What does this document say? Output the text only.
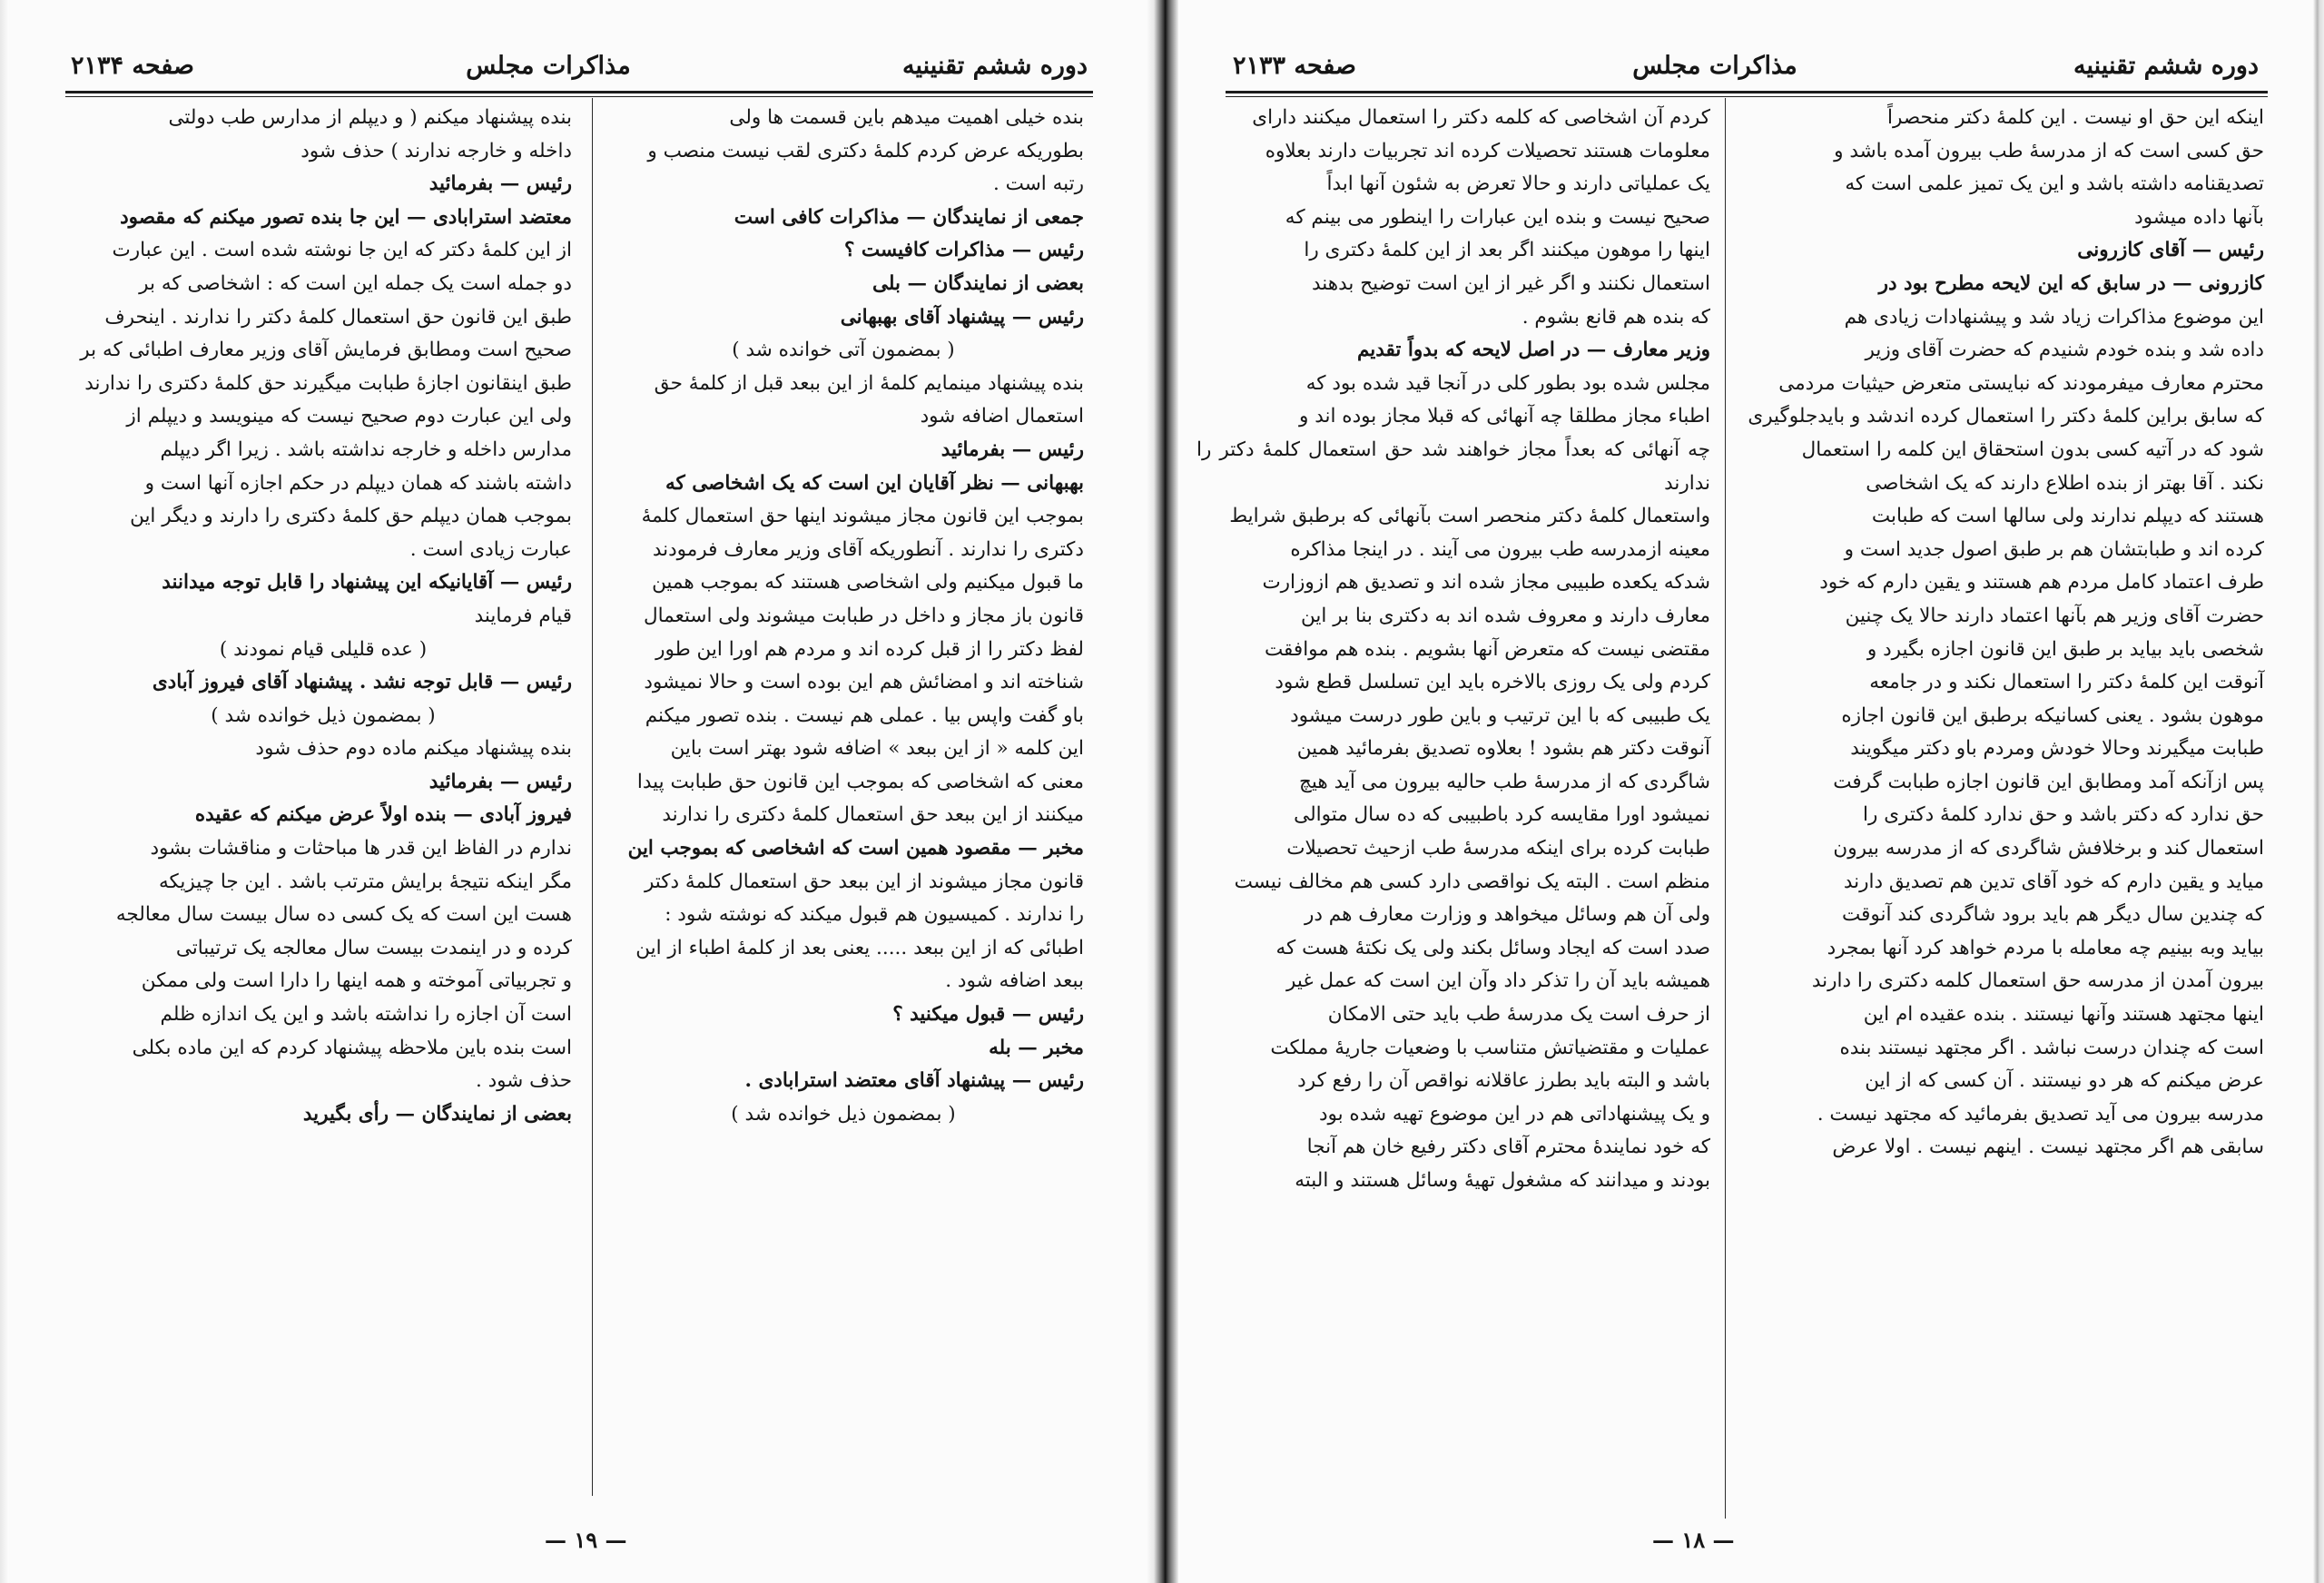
دوره ششم تقنینیه
مذاکرات مجلس
صفحه ۲۱۳۴

بنده خیلی اهمیت میدهم باین قسمت ها ولی

بطوریکه عرض کردم کلمهٔ دکتری لقب نیست منصب و

رتبه است .

جمعی از نمایندگان — مذاکرات کافی است

رئیس — مذاکرات کافیست ؟

بعضی از نمایندگان — بلی

رئیس — پیشنهاد آقای بهبهانی

( بمضمون آتی خوانده شد )

بنده پیشنهاد مینمایم کلمهٔ از این ببعد قبل از کلمهٔ حق

استعمال اضافه شود

رئیس — بفرمائید

بهبهانی — نظر آقایان این است که یک اشخاصی که

بموجب این قانون مجاز میشوند اینها حق استعمال کلمهٔ

دکتری را ندارند . آنطوریکه آقای وزیر معارف فرمودند

ما قبول میکنیم ولی اشخاصی هستند که بموجب همین

قانون باز مجاز و داخل در طبابت میشوند ولی استعمال

لفظ دکتر را از قبل کرده اند و مردم هم اورا این طور

شناخته اند و امضائش هم این بوده است و حالا نمیشود

باو گفت واپس بیا . عملی هم نیست . بنده تصور میکنم

این کلمه « از این ببعد » اضافه شود بهتر است باین

معنی که اشخاصی که بموجب این قانون حق طبابت پیدا

میکنند از این ببعد حق استعمال کلمهٔ دکتری را ندارند

مخبر — مقصود همین است که اشخاصی که بموجب این

قانون مجاز میشوند از این ببعد حق استعمال کلمهٔ دکتر

را ندارند . کمیسیون هم قبول میکند که نوشته شود :

اطبائی که از این ببعد ..... یعنی بعد از کلمهٔ اطباء از این

ببعد اضافه شود .

رئیس — قبول میکنید ؟

مخبر — بله

رئیس — پیشنهاد آقای معتضد استرابادی .

( بمضمون ذیل خوانده شد )

بنده پیشنهاد میکنم ( و دیپلم از مدارس طب دولتی

داخله و خارجه ندارند ) حذف شود

رئیس — بفرمائید

معتضد استرابادی — این جا بنده تصور میکنم که مقصود

از این کلمهٔ دکتر که این جا نوشته شده است . این عبارت

دو جمله است یک جمله این است که : اشخاصی که بر

طبق این قانون حق استعمال کلمهٔ دکتر را ندارند . اینحرف

صحیح است ومطابق فرمایش آقای وزیر معارف اطبائی که بر

طبق اینقانون اجازهٔ طبابت میگیرند حق کلمهٔ دکتری را ندارند

ولی این عبارت دوم صحیح نیست که مینویسد و دیپلم از

مدارس داخله و خارجه نداشته باشد . زیرا اگر دیپلم

داشته باشند که همان دیپلم در حکم اجازه آنها است و

بموجب همان دیپلم حق کلمهٔ دکتری را دارند و دیگر این

عبارت زیادی است .

رئیس — آقایانیکه این پیشنهاد را قابل توجه میدانند

قیام فرمایند

( عده قلیلی قیام نمودند )

رئیس — قابل توجه نشد . پیشنهاد آقای فیروز آبادی

( بمضمون ذیل خوانده شد )

بنده پیشنهاد میکنم ماده دوم حذف شود

رئیس — بفرمائید

فیروز آبادی — بنده اولاً عرض میکنم که عقیده

ندارم در الفاظ این قدر ها مباحثات و مناقشات بشود

مگر اینکه نتیجهٔ برایش مترتب باشد . این جا چیزیکه

هست این است که یک کسی ده سال بیست سال معالجه

کرده و در اینمدت بیست سال معالجه یک ترتیباتی

و تجربیاتی آموخته و همه اینها را دارا است ولی ممکن

است آن اجازه را نداشته باشد و این یک اندازه ظلم

است بنده باین ملاحظه پیشنهاد کردم که این ماده بکلی

حذف شود .

بعضی از نمایندگان — رأی بگیرید

— ۱۹ —
دوره ششم تقنینیه
مذاکرات مجلس
صفحه ۲۱۳۳

اینکه این حق او نیست . این کلمهٔ دکتر منحصراً

حق کسی است که از مدرسهٔ طب بیرون آمده باشد و

تصدیقنامه داشته باشد و این یک تمیز علمی است که

بآنها داده میشود

رئیس — آقای کازرونی

کازرونی — در سابق که این لایحه مطرح بود در

این موضوع مذاکرات زیاد شد و پیشنهادات زیادی هم

داده شد و بنده خودم شنیدم که حضرت آقای وزیر

محترم معارف میفرمودند که نبایستی متعرض حیثیات مردمی

که سابق براین کلمهٔ دکتر را استعمال کرده اندشد و بایدجلوگیری

شود که در آتیه کسی بدون استحقاق این کلمه را استعمال

نکند . آقا بهتر از بنده اطلاع دارند که یک اشخاصی

هستند که دیپلم ندارند ولی سالها است که طبابت

کرده اند و طبابتشان هم بر طبق اصول جدید است و

طرف اعتماد کامل مردم هم هستند و یقین دارم که خود

حضرت آقای وزیر هم بآنها اعتماد دارند حالا یک چنین

شخصی باید بیاید بر طبق این قانون اجازه بگیرد و

آنوقت این کلمهٔ دکتر را استعمال نکند و در جامعه

موهون بشود . یعنی کسانیکه برطبق این قانون اجازه

طبابت میگیرند وحالا خودش ومردم باو دکتر میگویند

پس ازآنکه آمد ومطابق این قانون اجازه طبابت گرفت

حق ندارد که دکتر باشد و حق ندارد کلمهٔ دکتری را

استعمال کند و برخلافش شاگردی که از مدرسه بیرون

میاید و یقین دارم که خود آقای تدین هم تصدیق دارند

که چندین سال دیگر هم باید برود شاگردی کند آنوقت

بیاید وبه بینیم چه معامله با مردم خواهد کرد آنها بمجرد

بیرون آمدن از مدرسه حق استعمال کلمه دکتری را دارند

اینها مجتهد هستند وآنها نیستند . بنده عقیده ام این

است که چندان درست نباشد . اگر مجتهد نیستند بنده

عرض میکنم که هر دو نیستند . آن کسی که از این

مدرسه بیرون می آید تصدیق بفرمائید که مجتهد نیست .

سابقی هم اگر مجتهد نیست . اینهم نیست . اولا عرض

کردم آن اشخاصی که کلمه دکتر را استعمال میکنند دارای

معلومات هستند تحصیلات کرده اند تجربیات دارند بعلاوه

یک عملیاتی دارند و حالا تعرض به شئون آنها ابداً

صحیح نیست و بنده این عبارات را اینطور می بینم که

اینها را موهون میکنند اگر بعد از این کلمهٔ دکتری را

استعمال نکنند و اگر غیر از این است توضیح بدهند

که بنده هم قانع بشوم .

وزیر معارف — در اصل لایحه که بدواً تقدیم

مجلس شده بود بطور کلی در آنجا قید شده بود که

اطباء مجاز مطلقا چه آنهائی که قبلا مجاز بوده اند و

چه آنهائی که بعداً مجاز خواهند شد حق استعمال کلمهٔ دکتر را ندارند

واستعمال کلمهٔ دکتر منحصر است بآنهائی که برطبق شرایط

معینه ازمدرسه طب بیرون می آیند . در اینجا مذاکره

شدکه یکعده طبیبی مجاز شده اند و تصدیق هم ازوزارت

معارف دارند و معروف شده اند به دکتری بنا بر این

مقتضی نیست که متعرض آنها بشویم . بنده هم موافقت

کردم ولی یک روزی بالاخره باید این تسلسل قطع شود

یک طبیبی که با این ترتیب و باین طور درست میشود

آنوقت دکتر هم بشود ! بعلاوه تصدیق بفرمائید همین

شاگردی که از مدرسهٔ طب حالیه بیرون می آید هیچ

نمیشود اورا مقایسه کرد باطبیبی که ده سال متوالی

طبابت کرده برای اینکه مدرسهٔ طب ازحیث تحصیلات

منظم است . البته یک نواقصی دارد کسی هم مخالف نیست

ولی آن هم وسائل میخواهد و وزارت معارف هم در

صدد است که ایجاد وسائل بکند ولی یک نکتهٔ هست که

همیشه باید آن را تذکر داد وآن این است که عمل غیر

از حرف است یک مدرسهٔ طب باید حتی الامکان

عملیات و مقتضیاتش متناسب با وضعیات جاریهٔ مملکت

باشد و البته باید بطرز عاقلانه نواقص آن را رفع کرد

و یک پیشنهاداتی هم در این موضوع تهیه شده بود

که خود نمایندهٔ محترم آقای دکتر رفیع خان هم آنجا

بودند و میدانند که مشغول تهیهٔ وسائل هستند و البته

— ۱۸ —
